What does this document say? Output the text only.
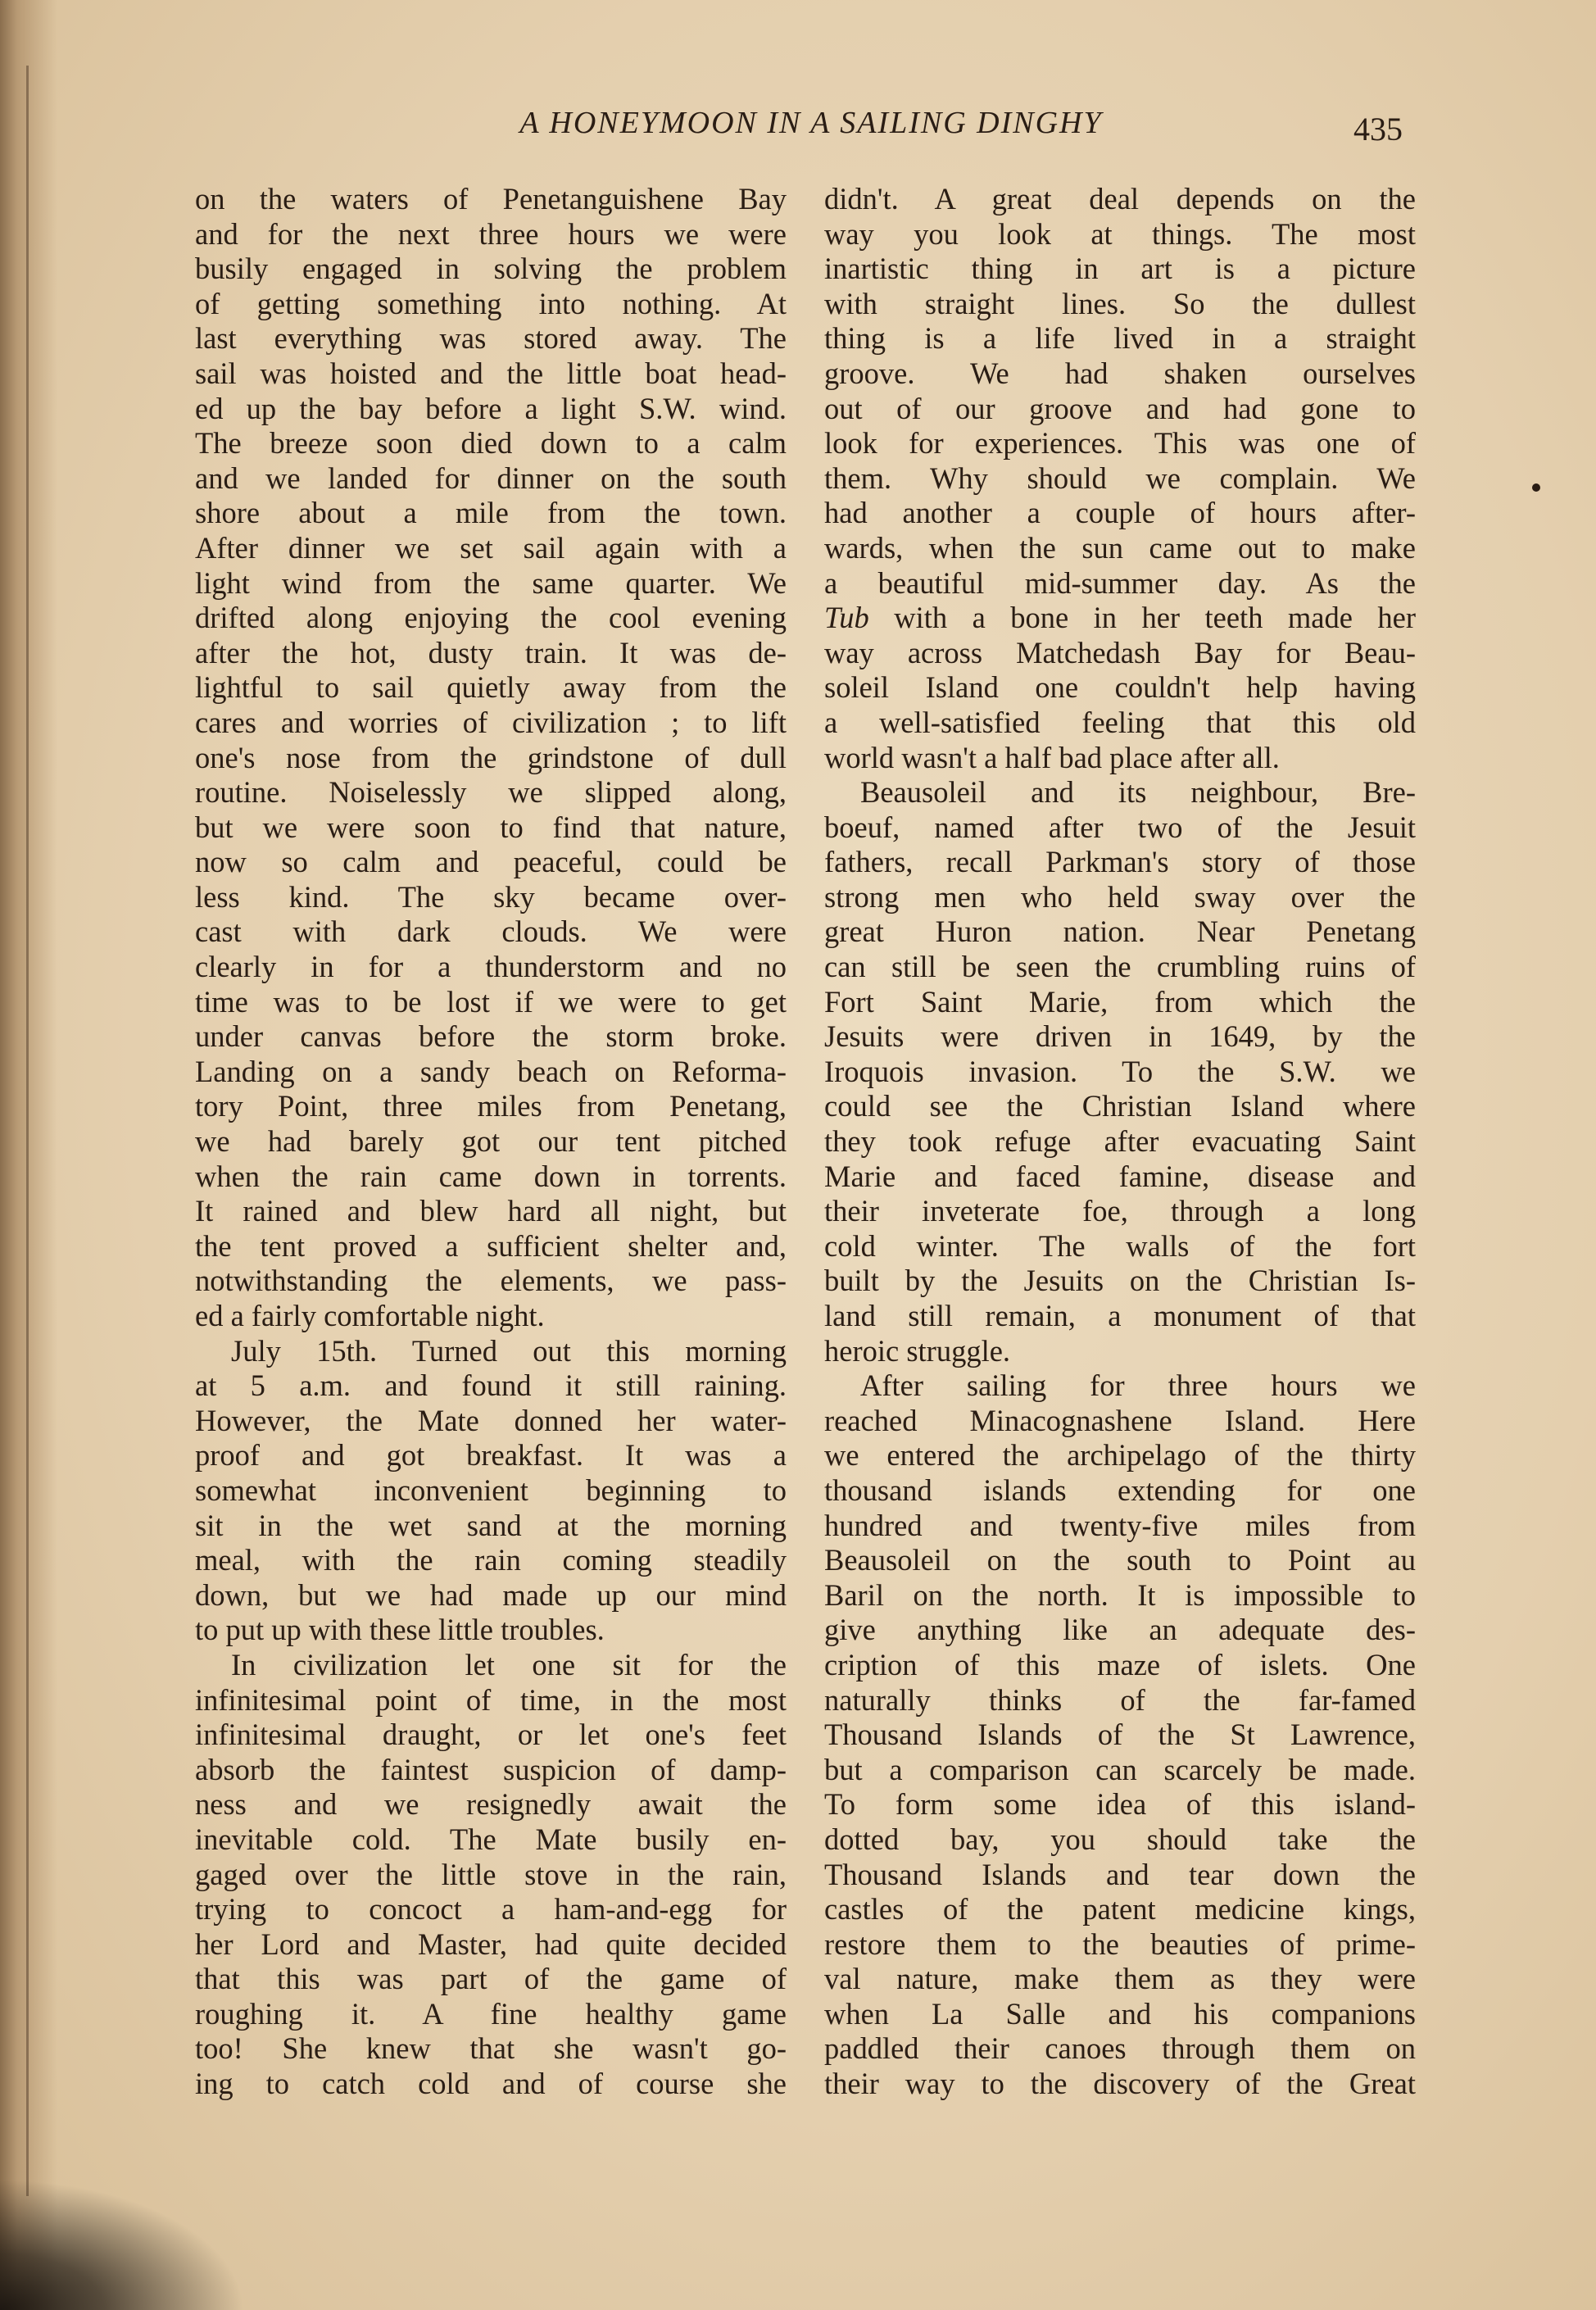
A HONEYMOON IN A SAILING DINGHY	435
on the waters of Penetanguishene Bay
and for the next three hours we were
busily engaged in solving the problem
of getting something into nothing. At
last everything was stored away. The
sail was hoisted and the little boat head-
ed up the bay before a light S.W. wind.
The breeze soon died down to a calm
and we landed for dinner on the south
shore about a mile from the town.
After dinner we set sail again with a
light wind from the same quarter. We
drifted along enjoying the cool evening
after the hot, dusty train. It was de-
lightful to sail quietly away from the
cares and worries of civilization ; to lift
one's nose from the grindstone of dull
routine. Noiselessly we slipped along,
but we were soon to find that nature,
now so calm and peaceful, could be
less kind. The sky became over-
cast with dark clouds. We were
clearly in for a thunderstorm and no
time was to be lost if we were to get
under canvas before the storm broke.
Landing on a sandy beach on Reforma-
tory Point, three miles from Penetang,
we had barely got our tent pitched
when the rain came down in torrents.
It rained and blew hard all night, but
the tent proved a sufficient shelter and,
notwithstanding the elements, we pass-
ed a fairly comfortable night.
July 15th. Turned out this morning
at 5 a.m. and found it still raining.
However, the Mate donned her water-
proof and got breakfast. It was a
somewhat inconvenient beginning to
sit in the wet sand at the morning
meal, with the rain coming steadily
down, but we had made up our mind
to put up with these little troubles.
In civilization let one sit for the
infinitesimal point of time, in the most
infinitesimal draught, or let one's feet
absorb the faintest suspicion of damp-
ness and we resignedly await the
inevitable cold. The Mate busily en-
gaged over the little stove in the rain,
trying to concoct a ham-and-egg for
her Lord and Master, had quite decided
that this was part of the game of
roughing it. A fine healthy game
too! She knew that she wasn't go-
ing to catch cold and of course she
didn't. A great deal depends on the
way you look at things. The most
inartistic thing in art is a picture
with straight lines. So the dullest
thing is a life lived in a straight
groove. We had shaken ourselves
out of our groove and had gone to
look for experiences. This was one of
them. Why should we complain. We
had another a couple of hours after-
wards, when the sun came out to make
a beautiful mid-summer day. As the
Tub with a bone in her teeth made her
way across Matchedash Bay for Beau-
soleil Island one couldn't help having
a well-satisfied feeling that this old
world wasn't a half bad place after all.
Beausoleil and its neighbour, Bre-
boeuf, named after two of the Jesuit
fathers, recall Parkman's story of those
strong men who held sway over the
great Huron nation. Near Penetang
can still be seen the crumbling ruins of
Fort Saint Marie, from which the
Jesuits were driven in 1649, by the
Iroquois invasion. To the S.W. we
could see the Christian Island where
they took refuge after evacuating Saint
Marie and faced famine, disease and
their inveterate foe, through a long
cold winter. The walls of the fort
built by the Jesuits on the Christian Is-
land still remain, a monument of that
heroic struggle.
After sailing for three hours we
reached Minacognashene Island. Here
we entered the archipelago of the thirty
thousand islands extending for one
hundred and twenty-five miles from
Beausoleil on the south to Point au
Baril on the north. It is impossible to
give anything like an adequate des-
cription of this maze of islets. One
naturally thinks of the far-famed
Thousand Islands of the St Lawrence,
but a comparison can scarcely be made.
To form some idea of this island-
dotted bay, you should take the
Thousand Islands and tear down the
castles of the patent medicine kings,
restore them to the beauties of prime-
val nature, make them as they were
when La Salle and his companions
paddled their canoes through them on
their way to the discovery of the Great
